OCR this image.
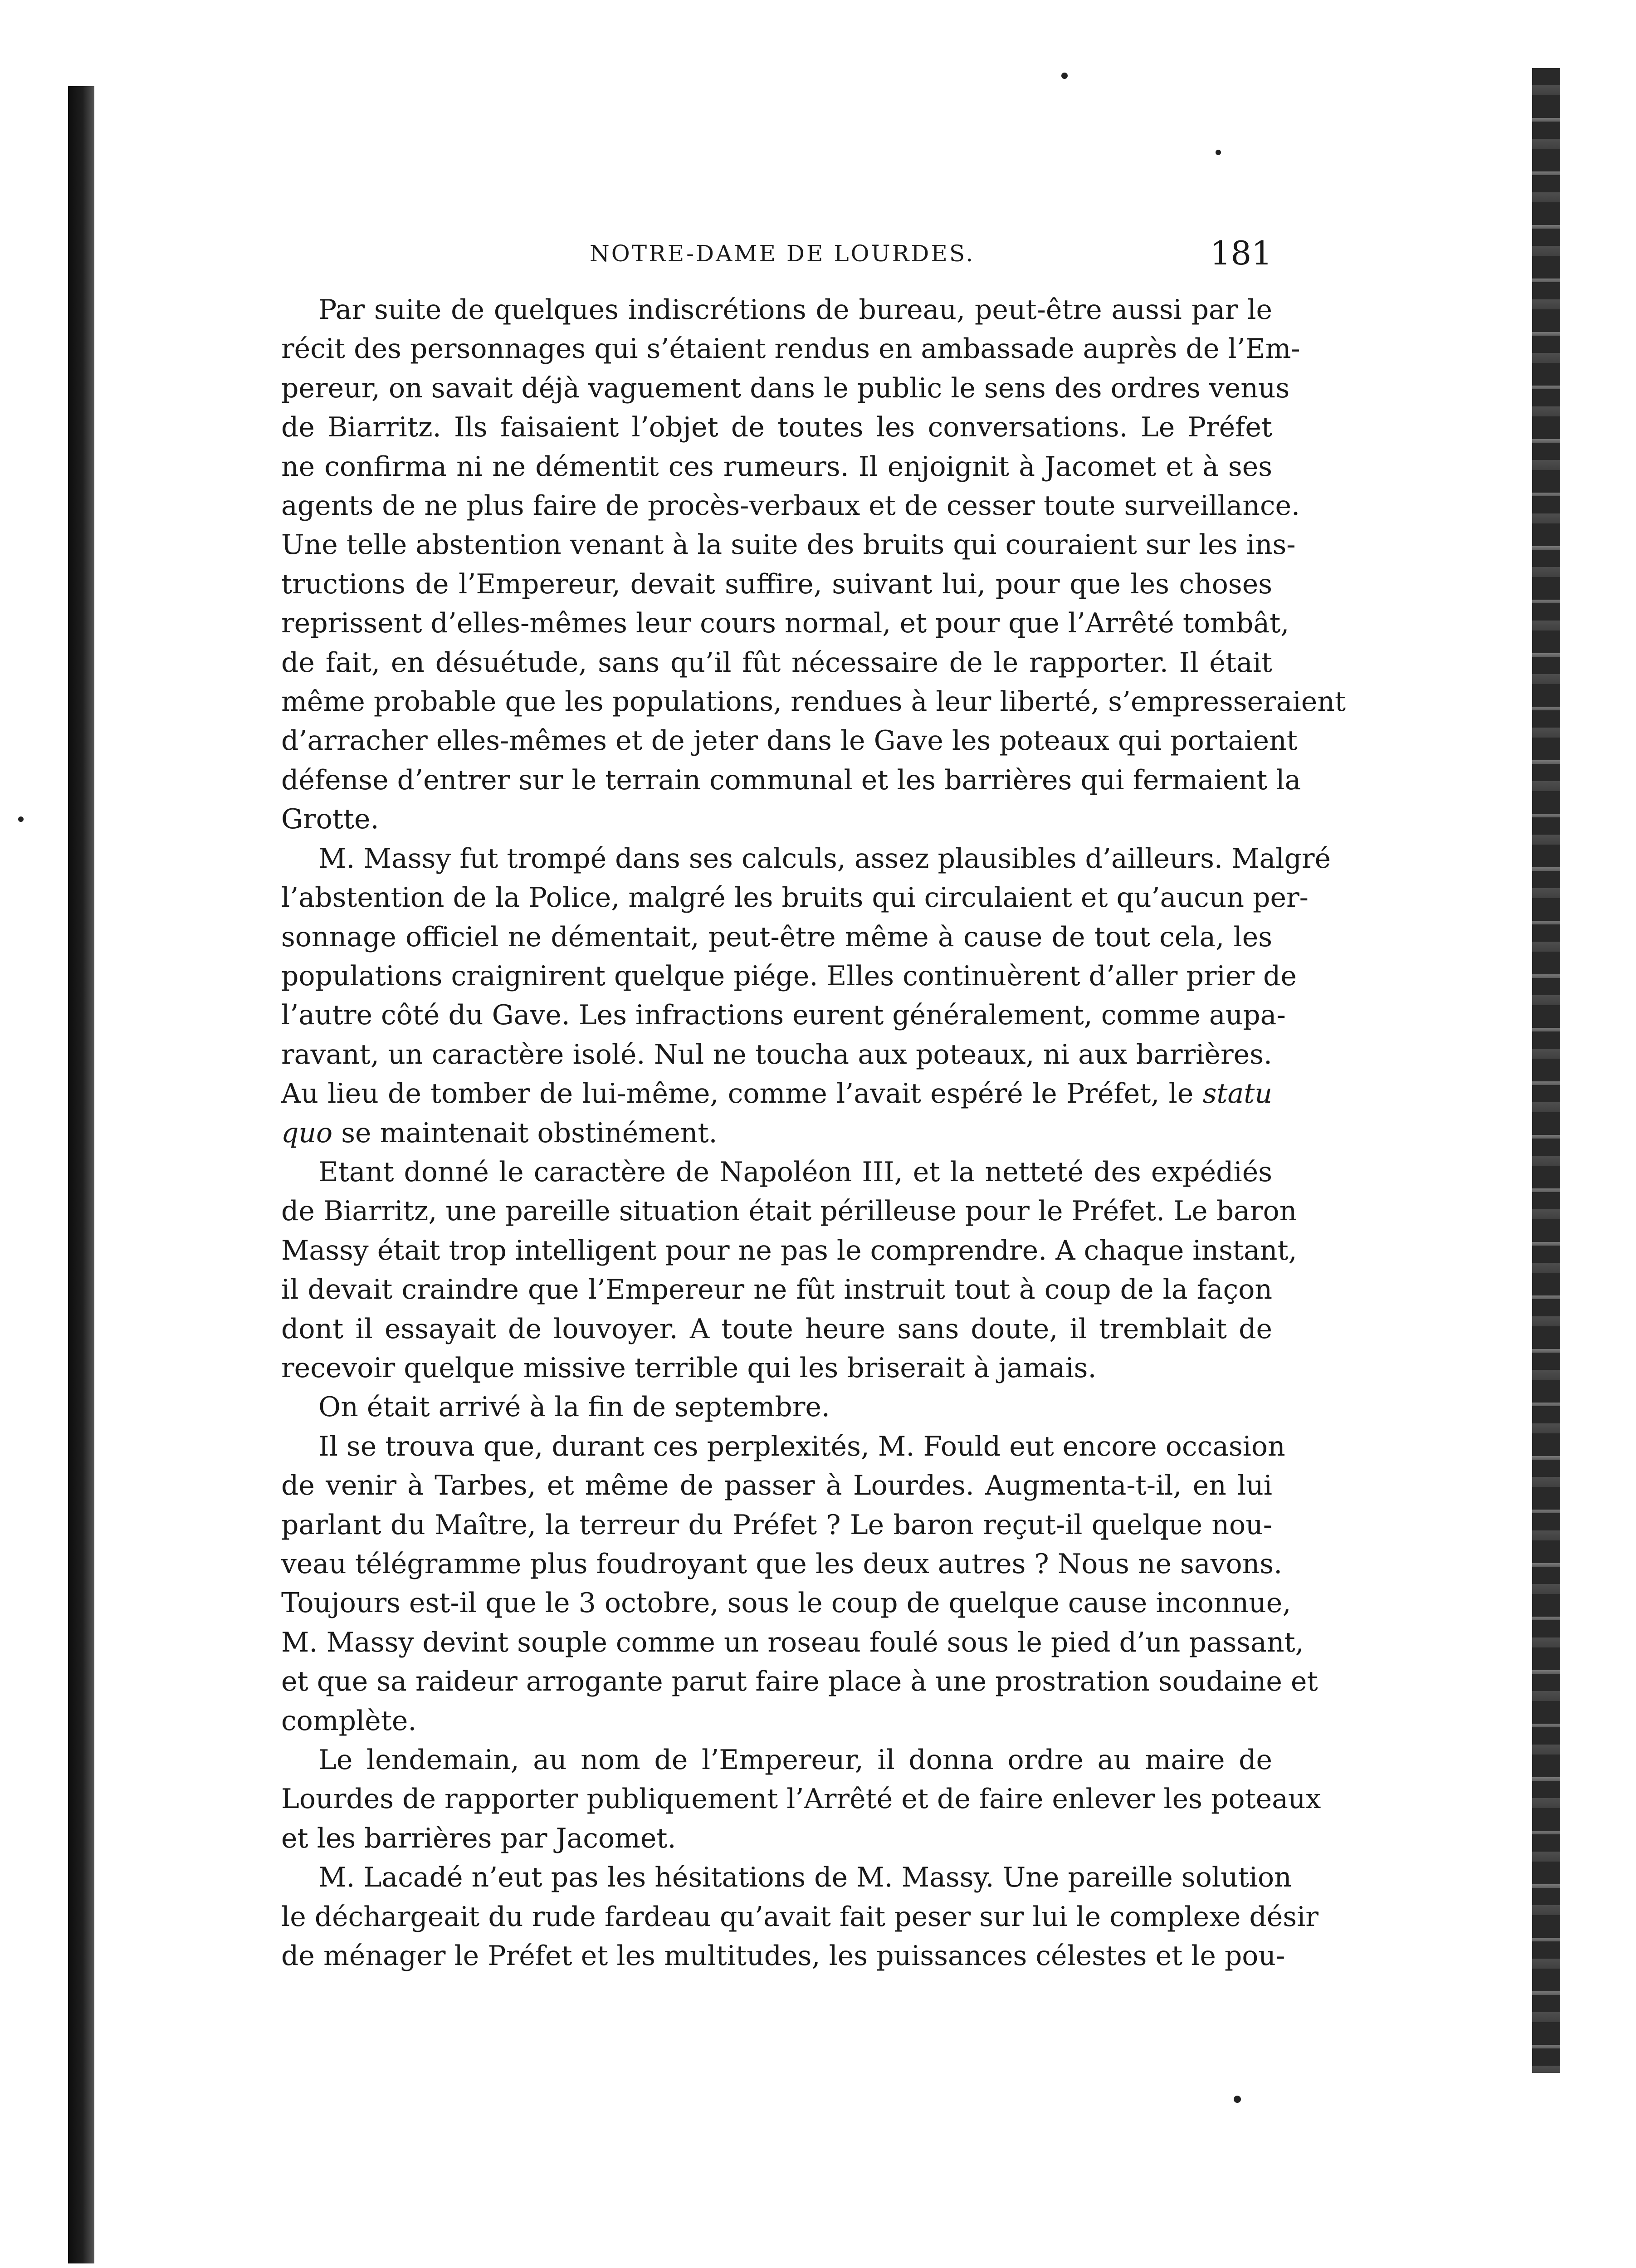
NOTRE-DAME DE LOURDES.	181
Par suite de quelques indiscrétions de bureau, peut-être aussi par le
récit des personnages qui s’étaient rendus en ambassade auprès de l’Em-
pereur, on savait déjà vaguement dans le public le sens des ordres venus
de Biarritz. Ils faisaient l’objet de toutes les conversations. Le Préfet
ne confirma ni ne démentit ces rumeurs. Il enjoignit à Jacomet et à ses
agents de ne plus faire de procès-verbaux et de cesser toute surveillance.
Une telle abstention venant à la suite des bruits qui couraient sur les ins-
tructions de l’Empereur, devait suffire, suivant lui, pour que les choses
reprissent d’elles-mêmes leur cours normal, et pour que l’Arrêté tombât,
de fait, en désuétude, sans qu’il fût nécessaire de le rapporter. Il était
même probable que les populations, rendues à leur liberté, s’empresseraient
d’arracher elles-mêmes et de jeter dans le Gave les poteaux qui portaient
défense d’entrer sur le terrain communal et les barrières qui fermaient la
Grotte.
M. Massy fut trompé dans ses calculs, assez plausibles d’ailleurs. Malgré
l’abstention de la Police, malgré les bruits qui circulaient et qu’aucun per-
sonnage officiel ne démentait, peut-être même à cause de tout cela, les
populations craignirent quelque piége. Elles continuèrent d’aller prier de
l’autre côté du Gave. Les infractions eurent généralement, comme aupa-
ravant, un caractère isolé. Nul ne toucha aux poteaux, ni aux barrières.
Au lieu de tomber de lui-même, comme l’avait espéré le Préfet, le statu
quo se maintenait obstinément.
Etant donné le caractère de Napoléon III, et la netteté des expédiés
de Biarritz, une pareille situation était périlleuse pour le Préfet. Le baron
Massy était trop intelligent pour ne pas le comprendre. A chaque instant,
il devait craindre que l’Empereur ne fût instruit tout à coup de la façon
dont il essayait de louvoyer. A toute heure sans doute, il tremblait de
recevoir quelque missive terrible qui les briserait à jamais.
On était arrivé à la fin de septembre.
Il se trouva que, durant ces perplexités, M. Fould eut encore occasion
de venir à Tarbes, et même de passer à Lourdes. Augmenta-t-il, en lui
parlant du Maître, la terreur du Préfet ? Le baron reçut-il quelque nou-
veau télégramme plus foudroyant que les deux autres ? Nous ne savons.
Toujours est-il que le 3 octobre, sous le coup de quelque cause inconnue,
M. Massy devint souple comme un roseau foulé sous le pied d’un passant,
et que sa raideur arrogante parut faire place à une prostration soudaine et
complète.
Le lendemain, au nom de l’Empereur, il donna ordre au maire de
Lourdes de rapporter publiquement l’Arrêté et de faire enlever les poteaux
et les barrières par Jacomet.
M. Lacadé n’eut pas les hésitations de M. Massy. Une pareille solution
le déchargeait du rude fardeau qu’avait fait peser sur lui le complexe désir
de ménager le Préfet et les multitudes, les puissances célestes et le pou-
